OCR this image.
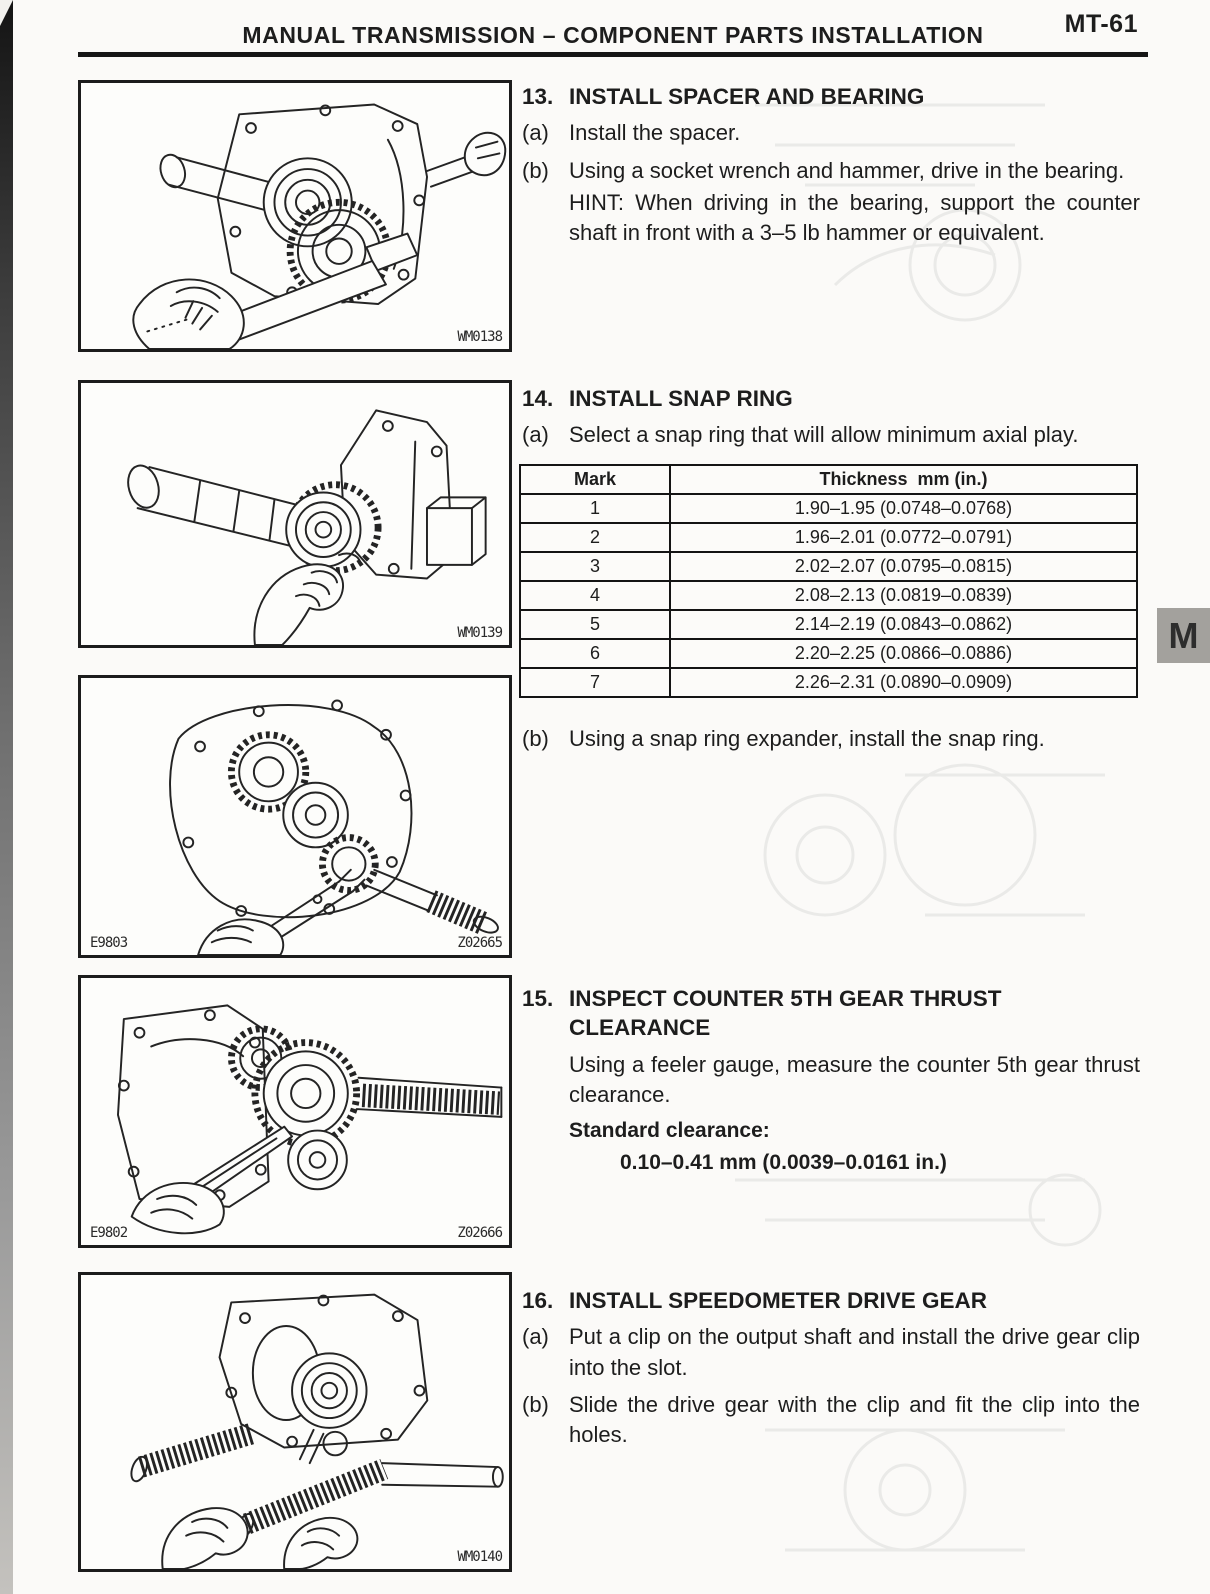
MANUAL TRANSMISSION – COMPONENT PARTS INSTALLATION	MT-61
M
WM0138
WM0139
E9803	Z02665
E9802	Z02666
WM0140
13. INSTALL SPACER AND BEARING
(a) Install the spacer.
(b) Using a socket wrench and hammer, drive in the bearing.
HINT: When driving in the bearing, support the counter shaft in front with a 3–5 lb hammer or equivalent.
14. INSTALL SNAP RING
(a) Select a snap ring that will allow minimum axial play.
Mark	Thickness  mm (in.)
1	1.90–1.95 (0.0748–0.0768)
2	1.96–2.01 (0.0772–0.0791)
3	2.02–2.07 (0.0795–0.0815)
4	2.08–2.13 (0.0819–0.0839)
5	2.14–2.19 (0.0843–0.0862)
6	2.20–2.25 (0.0866–0.0886)
7	2.26–2.31 (0.0890–0.0909)
(b) Using a snap ring expander, install the snap ring.
15. INSPECT COUNTER 5TH GEAR THRUST CLEARANCE
Using a feeler gauge, measure the counter 5th gear thrust clearance.
Standard clearance:
0.10–0.41 mm (0.0039–0.0161 in.)
16. INSTALL SPEEDOMETER DRIVE GEAR
(a) Put a clip on the output shaft and install the drive gear clip into the slot.
(b) Slide the drive gear with the clip and fit the clip into the holes.
